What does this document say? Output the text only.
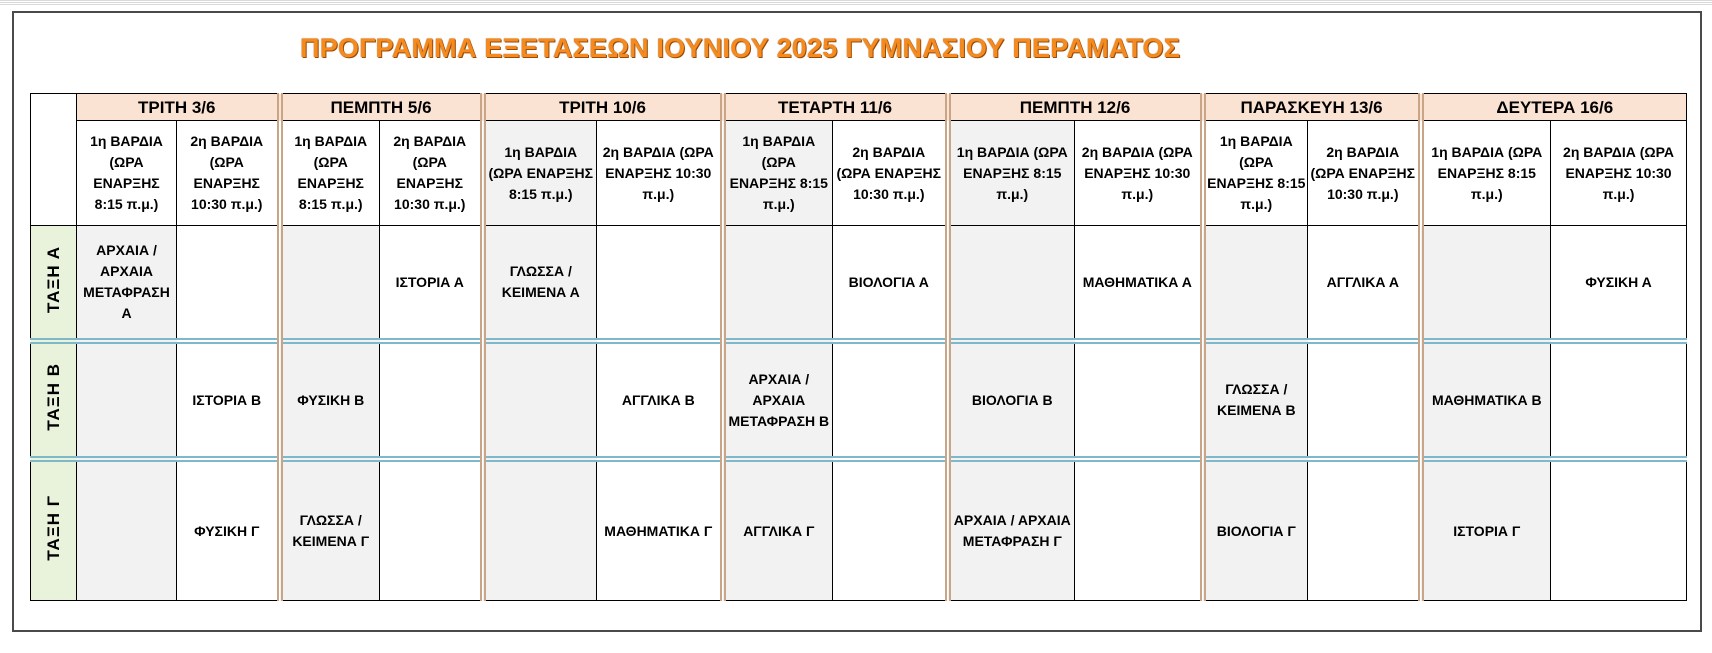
ΠΡΟΓΡΑΜΜΑ ΕΞΕΤΑΣΕΩΝ ΙΟΥΝΙΟΥ 2025 ΓΥΜΝΑΣΙΟΥ ΠΕΡΑΜΑΤΟΣ
	ΤΡΙΤΗ 3/6		ΠΕΜΠΤΗ 5/6		ΤΡΙΤΗ 10/6		ΤΕΤΑΡΤΗ 11/6		ΠΕΜΠΤΗ 12/6		ΠΑΡΑΣΚΕΥΗ 13/6		ΔΕΥΤΕΡΑ 16/6	
	1η ΒΑΡΔΙΑ (ΩΡΑ ΕΝΑΡΞΗΣ 8:15 π.μ.)	2η ΒΑΡΔΙΑ (ΩΡΑ ΕΝΑΡΞΗΣ 10:30 π.μ.)	1η ΒΑΡΔΙΑ (ΩΡΑ ΕΝΑΡΞΗΣ 8:15 π.μ.)	2η ΒΑΡΔΙΑ (ΩΡΑ ΕΝΑΡΞΗΣ 10:30 π.μ.)	1η ΒΑΡΔΙΑ (ΩΡΑ ΕΝΑΡΞΗΣ 8:15 π.μ.)	2η ΒΑΡΔΙΑ (ΩΡΑ ΕΝΑΡΞΗΣ 10:30 π.μ.)	1η ΒΑΡΔΙΑ (ΩΡΑ ΕΝΑΡΞΗΣ 8:15 π.μ.)	2η ΒΑΡΔΙΑ (ΩΡΑ ΕΝΑΡΞΗΣ 10:30 π.μ.)	1η ΒΑΡΔΙΑ (ΩΡΑ ΕΝΑΡΞΗΣ 8:15 π.μ.)	2η ΒΑΡΔΙΑ (ΩΡΑ ΕΝΑΡΞΗΣ 10:30 π.μ.)	1η ΒΑΡΔΙΑ (ΩΡΑ ΕΝΑΡΞΗΣ 8:15 π.μ.)	2η ΒΑΡΔΙΑ (ΩΡΑ ΕΝΑΡΞΗΣ 10:30 π.μ.)	1η ΒΑΡΔΙΑ (ΩΡΑ ΕΝΑΡΞΗΣ 8:15 π.μ.)	2η ΒΑΡΔΙΑ (ΩΡΑ ΕΝΑΡΞΗΣ 10:30 π.μ.)
ΤΑΞΗ Α	ΑΡΧΑΙΑ / ΑΡΧΑΙΑ ΜΕΤΑΦΡΑΣΗ Α			ΙΣΤΟΡΙΑ Α	ΓΛΩΣΣΑ / ΚΕΙΜΕΝΑ Α			ΒΙΟΛΟΓΙΑ Α		ΜΑΘΗΜΑΤΙΚΑ Α		ΑΓΓΛΙΚΑ Α		ΦΥΣΙΚΗ Α
ΤΑΞΗ Β		ΙΣΤΟΡΙΑ Β	ΦΥΣΙΚΗ Β			ΑΓΓΛΙΚΑ Β	ΑΡΧΑΙΑ / ΑΡΧΑΙΑ ΜΕΤΑΦΡΑΣΗ Β		ΒΙΟΛΟΓΙΑ Β		ΓΛΩΣΣΑ / ΚΕΙΜΕΝΑ Β		ΜΑΘΗΜΑΤΙΚΑ Β	
ΤΑΞΗ Γ		ΦΥΣΙΚΗ Γ	ΓΛΩΣΣΑ / ΚΕΙΜΕΝΑ Γ			ΜΑΘΗΜΑΤΙΚΑ Γ	ΑΓΓΛΙΚΑ Γ		ΑΡΧΑΙΑ / ΑΡΧΑΙΑ ΜΕΤΑΦΡΑΣΗ Γ		ΒΙΟΛΟΓΙΑ Γ		ΙΣΤΟΡΙΑ Γ	
